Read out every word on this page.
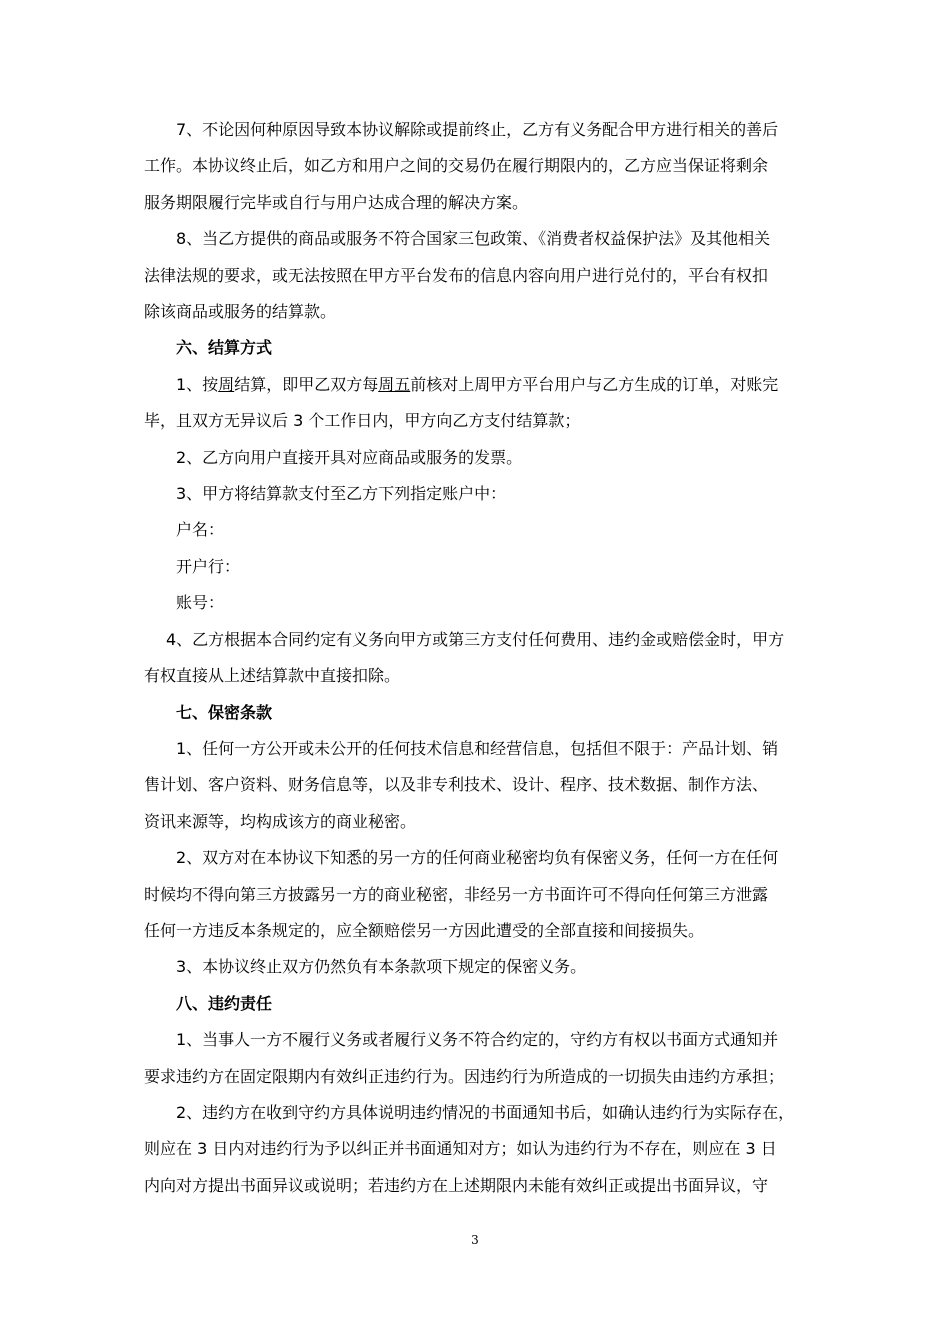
7、不论因何种原因导致本协议解除或提前终止，乙方有义务配合甲方进行相关的善后
工作。本协议终止后，如乙方和用户之间的交易仍在履行期限内的，乙方应当保证将剩余
服务期限履行完毕或自行与用户达成合理的解决方案。
8、当乙方提供的商品或服务不符合国家三包政策、《消费者权益保护法》及其他相关
法律法规的要求，或无法按照在甲方平台发布的信息内容向用户进行兑付的，平台有权扣
除该商品或服务的结算款。
六、结算方式
1、按周结算，即甲乙双方每周五前核对上周甲方平台用户与乙方生成的订单，对账完
毕，且双方无异议后 3 个工作日内，甲方向乙方支付结算款；
2、乙方向用户直接开具对应商品或服务的发票。
3、甲方将结算款支付至乙方下列指定账户中：
户名：
开户行：
账号：
4、乙方根据本合同约定有义务向甲方或第三方支付任何费用、违约金或赔偿金时，甲方
有权直接从上述结算款中直接扣除。
七、保密条款
1、任何一方公开或未公开的任何技术信息和经营信息，包括但不限于：产品计划、销
售计划、客户资料、财务信息等，以及非专利技术、设计、程序、技术数据、制作方法、
资讯来源等，均构成该方的商业秘密。
2、双方对在本协议下知悉的另一方的任何商业秘密均负有保密义务，任何一方在任何
时候均不得向第三方披露另一方的商业秘密，非经另一方书面许可不得向任何第三方泄露
任何一方违反本条规定的，应全额赔偿另一方因此遭受的全部直接和间接损失。
3、本协议终止双方仍然负有本条款项下规定的保密义务。
八、违约责任
1、当事人一方不履行义务或者履行义务不符合约定的，守约方有权以书面方式通知并
要求违约方在固定限期内有效纠正违约行为。因违约行为所造成的一切损失由违约方承担；
2、违约方在收到守约方具体说明违约情况的书面通知书后，如确认违约行为实际存在，
则应在 3 日内对违约行为予以纠正并书面通知对方；如认为违约行为不存在，则应在 3 日
内向对方提出书面异议或说明；若违约方在上述期限内未能有效纠正或提出书面异议，守
3
